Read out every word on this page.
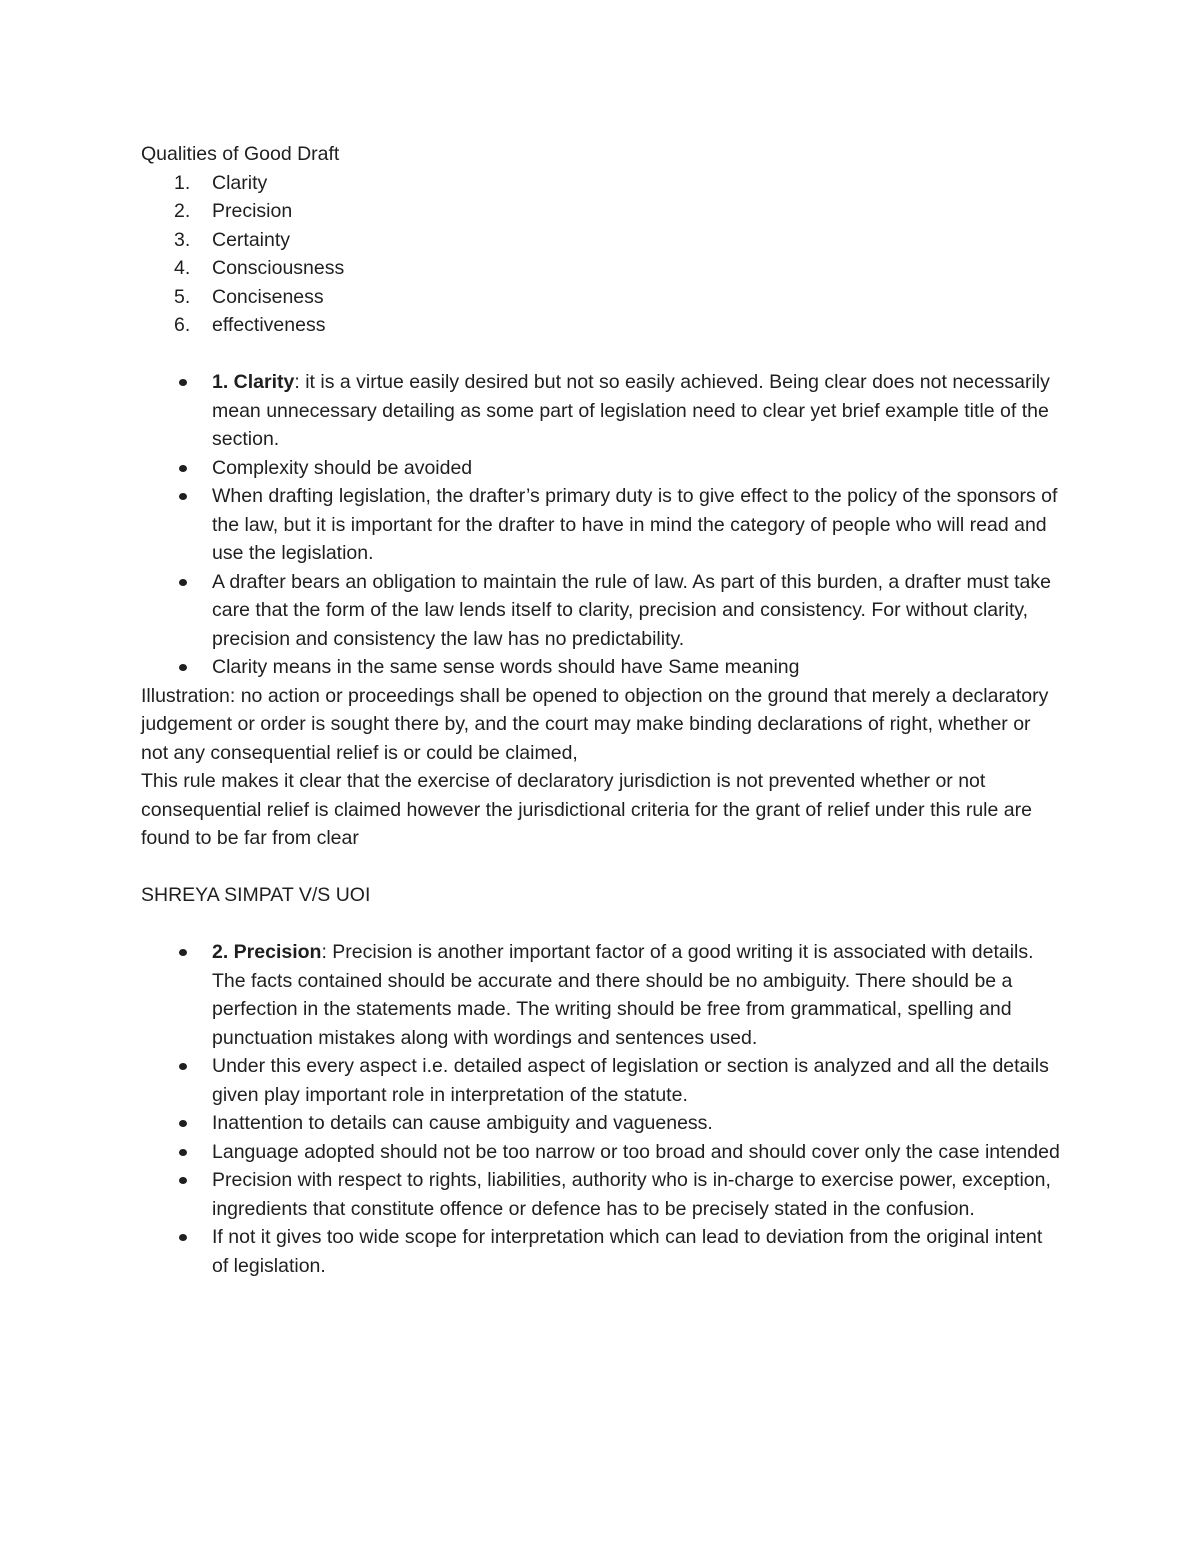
Qualities of Good Draft

1.	Clarity
2.	Precision
3.	Certainty
4.	Consciousness
5.	Conciseness
6.	effectiveness
1. Clarity: it is a virtue easily desired but not so easily achieved. Being clear does not necessarily mean unnecessary detailing as some part of legislation need to clear yet brief example title of the section.
Complexity should be avoided
When drafting legislation, the drafter’s primary duty is to give effect to the policy of the sponsors of the law, but it is important for the drafter to have in mind the category of people who will read and use the legislation.
A drafter bears an obligation to maintain the rule of law. As part of this burden, a drafter must take care that the form of the law lends itself to clarity, precision and consistency. For without clarity, precision and consistency the law has no predictability.
Clarity means in the same sense words should have Same meaning

Illustration: no action or proceedings shall be opened to objection on the ground that merely a declaratory judgement or order is sought there by, and the court may make binding declarations of right, whether or not any consequential relief is or could be claimed,

This rule makes it clear that the exercise of declaratory jurisdiction is not prevented whether or not consequential relief is claimed however the jurisdictional criteria for the grant of relief under this rule are found to be far from clear

SHREYA SIMPAT V/S UOI

2. Precision: Precision is another important factor of a good writing it is associated with details. The facts contained should be accurate and there should be no ambiguity. There should be a perfection in the statements made. The writing should be free from grammatical, spelling and punctuation mistakes along with wordings and sentences used.
Under this every aspect i.e. detailed aspect of legislation or section is analyzed and all the details given play important role in interpretation of the statute.
Inattention to details can cause ambiguity and vagueness.
Language adopted should not be too narrow or too broad and should cover only the case intended
Precision with respect to rights, liabilities, authority who is in-charge to exercise power, exception, ingredients that constitute offence or defence has to be precisely stated in the confusion.
If not it gives too wide scope for interpretation which can lead to deviation from the original intent of legislation.
